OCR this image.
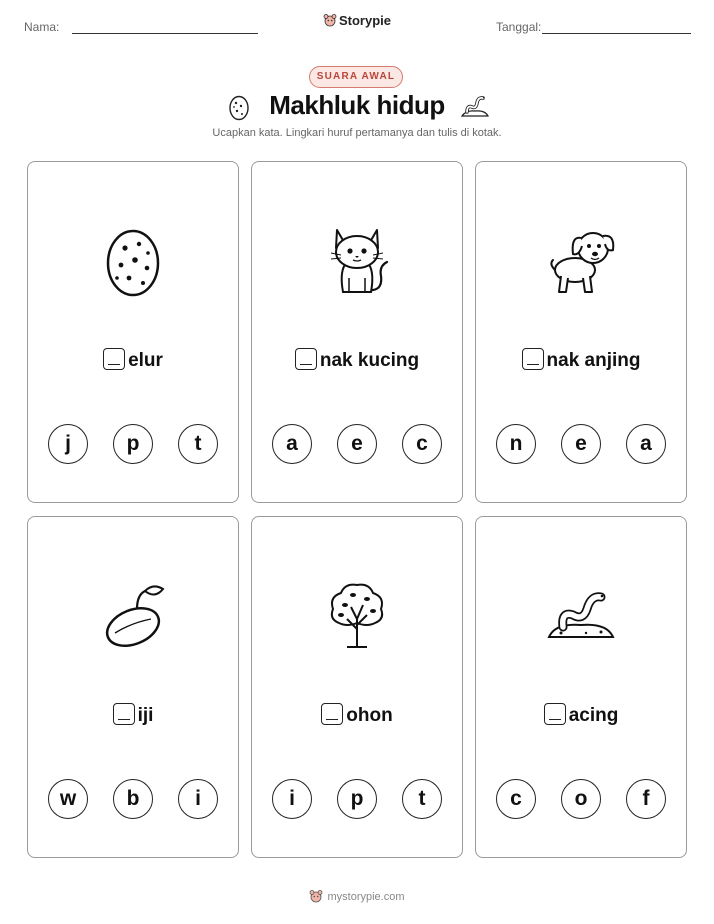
Nama:	Storypie	Tanggal:
SUARA AWAL
Makhluk hidup
Ucapkan kata. Lingkari huruf pertamanya dan tulis di kotak.
elur
j	p	t
nak kucing
a	e	c
nak anjing
n	e	a
iji
w	b	i
ohon
i	p	t
acing
c	o	f
mystorypie.com
